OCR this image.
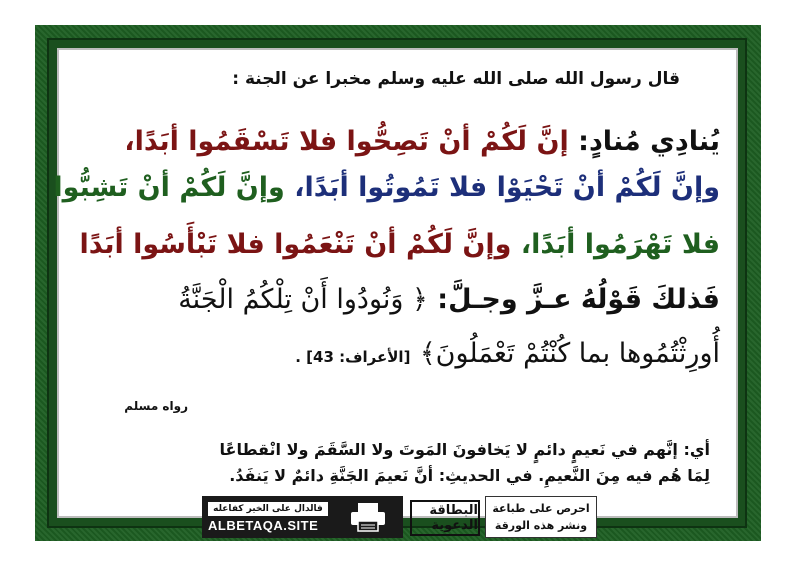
قال رسول الله صلى الله عليه وسلم مخبرا عن الجنة :
يُنادِي مُنادٍ: إنَّ لَكُمْ أنْ تَصِحُّوا فلا تَسْقَمُوا أبَدًا،
وإنَّ لَكُمْ أنْ تَحْيَوْا فلا تَمُوتُوا أبَدًا، وإنَّ لَكُمْ أنْ تَشِبُّوا
فلا تَهْرَمُوا أبَدًا، وإنَّ لَكُمْ أنْ تَنْعَمُوا فلا تَبْأَسُوا أبَدًا
فَذلكَ قَوْلُهُ عـزَّ وجـلَّ: ﴿ وَنُودُوا أَنْ تِلْكُمُ الْجَنَّةُ
أُورِثْتُمُوها بما كُنْتُمْ تَعْمَلُونَ﴾ [الأعراف: 43] .
رواه مسلم
أي: إنَّهم في نَعيمٍ دائمٍ لا يَخافونَ المَوتَ ولا السَّقَمَ ولا انْقطاعًا
لِمَا هُم فيه مِنَ النَّعيمِ. في الحديثِ: أنَّ نَعيمَ الجَنَّةِ دائمٌ لا يَنفَدُ.
فالدال على الخير كفاعله
ALBETAQA.SITE
البطاقة الدعوية
احرص على طباعة
ونشر هذه الورقة
